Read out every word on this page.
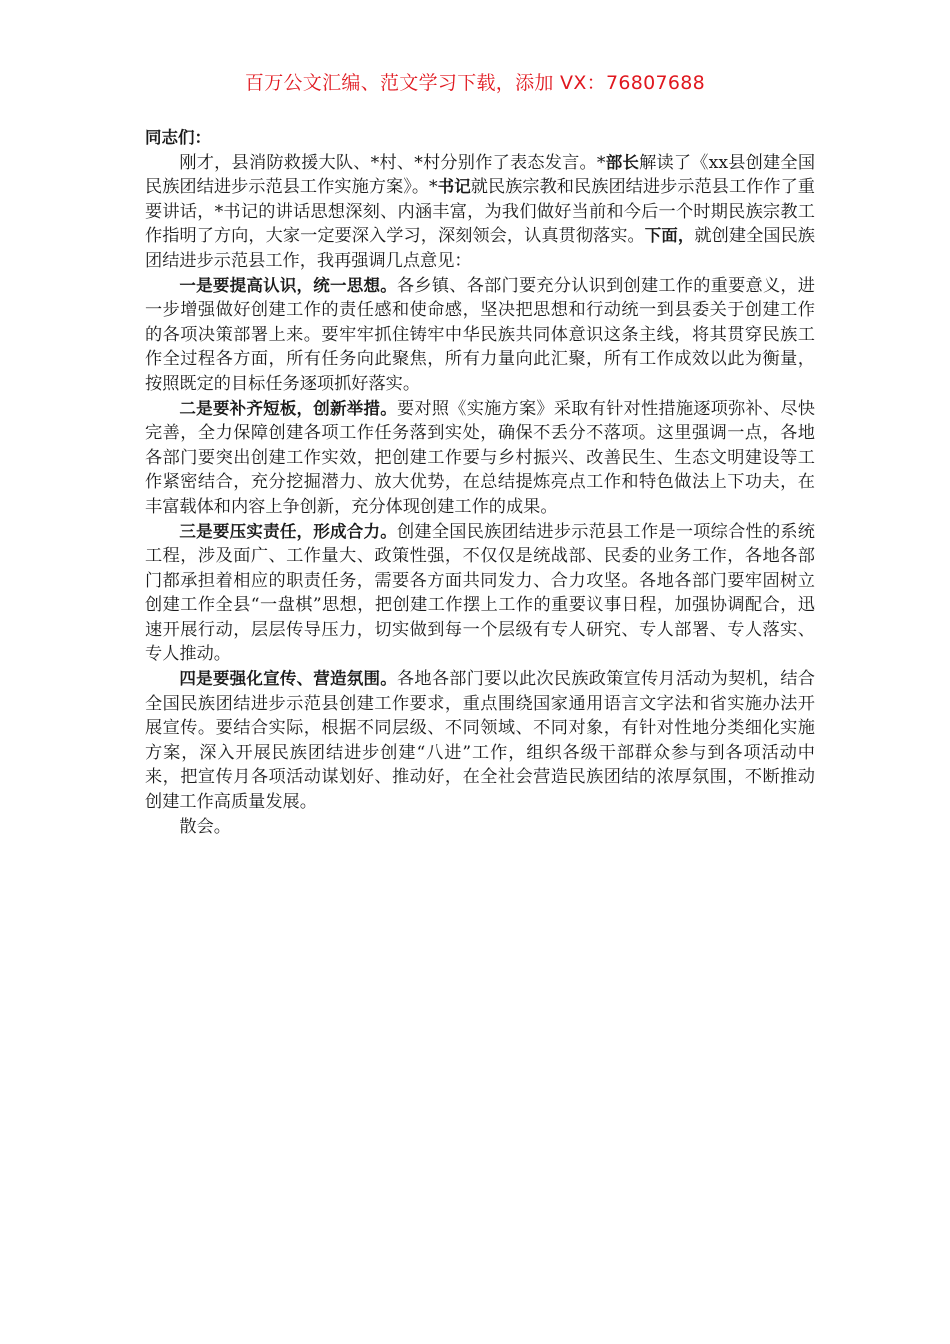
百万公文汇编、范文学习下载，添加 VX：76807688

同志们：

刚才，县消防救援大队、*村、*村分别作了表态发言。*部长解读了《xx县创建全国民族团结进步示范县工作实施方案》。*书记就民族宗教和民族团结进步示范县工作作了重要讲话，*书记的讲话思想深刻、内涵丰富，为我们做好当前和今后一个时期民族宗教工作指明了方向，大家一定要深入学习，深刻领会，认真贯彻落实。下面，就创建全国民族团结进步示范县工作，我再强调几点意见：

一是要提高认识，统一思想。各乡镇、各部门要充分认识到创建工作的重要意义，进一步增强做好创建工作的责任感和使命感，坚决把思想和行动统一到县委关于创建工作的各项决策部署上来。要牢牢抓住铸牢中华民族共同体意识这条主线，将其贯穿民族工作全过程各方面，所有任务向此聚焦，所有力量向此汇聚，所有工作成效以此为衡量，按照既定的目标任务逐项抓好落实。

二是要补齐短板，创新举措。要对照《实施方案》采取有针对性措施逐项弥补、尽快完善，全力保障创建各项工作任务落到实处，确保不丢分不落项。这里强调一点，各地各部门要突出创建工作实效，把创建工作要与乡村振兴、改善民生、生态文明建设等工作紧密结合，充分挖掘潜力、放大优势，在总结提炼亮点工作和特色做法上下功夫，在丰富载体和内容上争创新，充分体现创建工作的成果。

三是要压实责任，形成合力。创建全国民族团结进步示范县工作是一项综合性的系统工程，涉及面广、工作量大、政策性强，不仅仅是统战部、民委的业务工作，各地各部门都承担着相应的职责任务，需要各方面共同发力、合力攻坚。各地各部门要牢固树立创建工作全县“一盘棋”思想，把创建工作摆上工作的重要议事日程，加强协调配合，迅速开展行动，层层传导压力，切实做到每一个层级有专人研究、专人部署、专人落实、专人推动。

四是要强化宣传、营造氛围。各地各部门要以此次民族政策宣传月活动为契机，结合全国民族团结进步示范县创建工作要求，重点围绕国家通用语言文字法和省实施办法开展宣传。要结合实际，根据不同层级、不同领域、不同对象，有针对性地分类细化实施方案，深入开展民族团结进步创建“八进”工作，组织各级干部群众参与到各项活动中来，把宣传月各项活动谋划好、推动好，在全社会营造民族团结的浓厚氛围，不断推动创建工作高质量发展。

散会。
